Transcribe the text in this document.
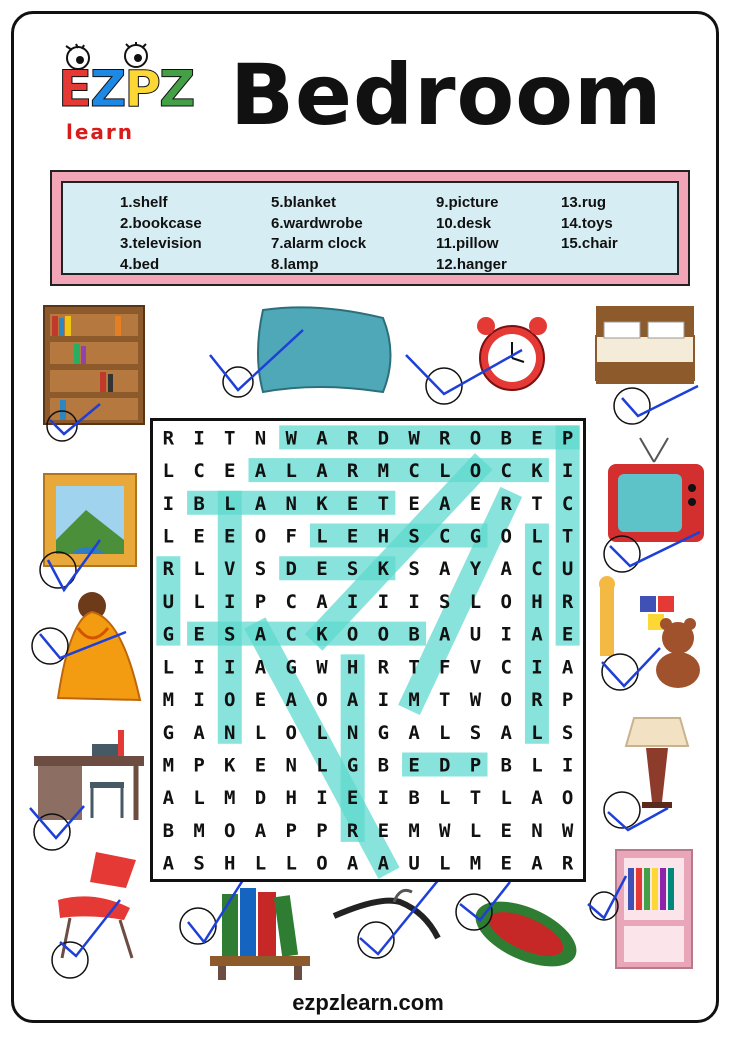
EZPZ
learn Bedroom
1.shelf
2.bookcase
3.television
4.bed
5.blanket
6.wardwrobe
7.alarm clock
8.lamp
9.picture
10.desk
11.pillow
12.hanger
13.rug
14.toys
15.chair
R I T N W A R D W R O B E P
L C E A L A R M C L O C K I
I B L A N K E T E A E R T C
L E E O F L E H S C G O L T
R L V S D E S K S A Y A C U
U L I P C A I I I S L O H R
G E S A C K O O B A U I A E
L I I A G W H R T F V C I A
M I O E A O A I M T W O R P
G A N L O L N G A L S A L S
M P K E N L G B E D P B L I
A L M D H I E I B L T L A O
B M O A P P R E M W L E N W
A S H L L O A A U L M E A R
ezpzlearn.com
